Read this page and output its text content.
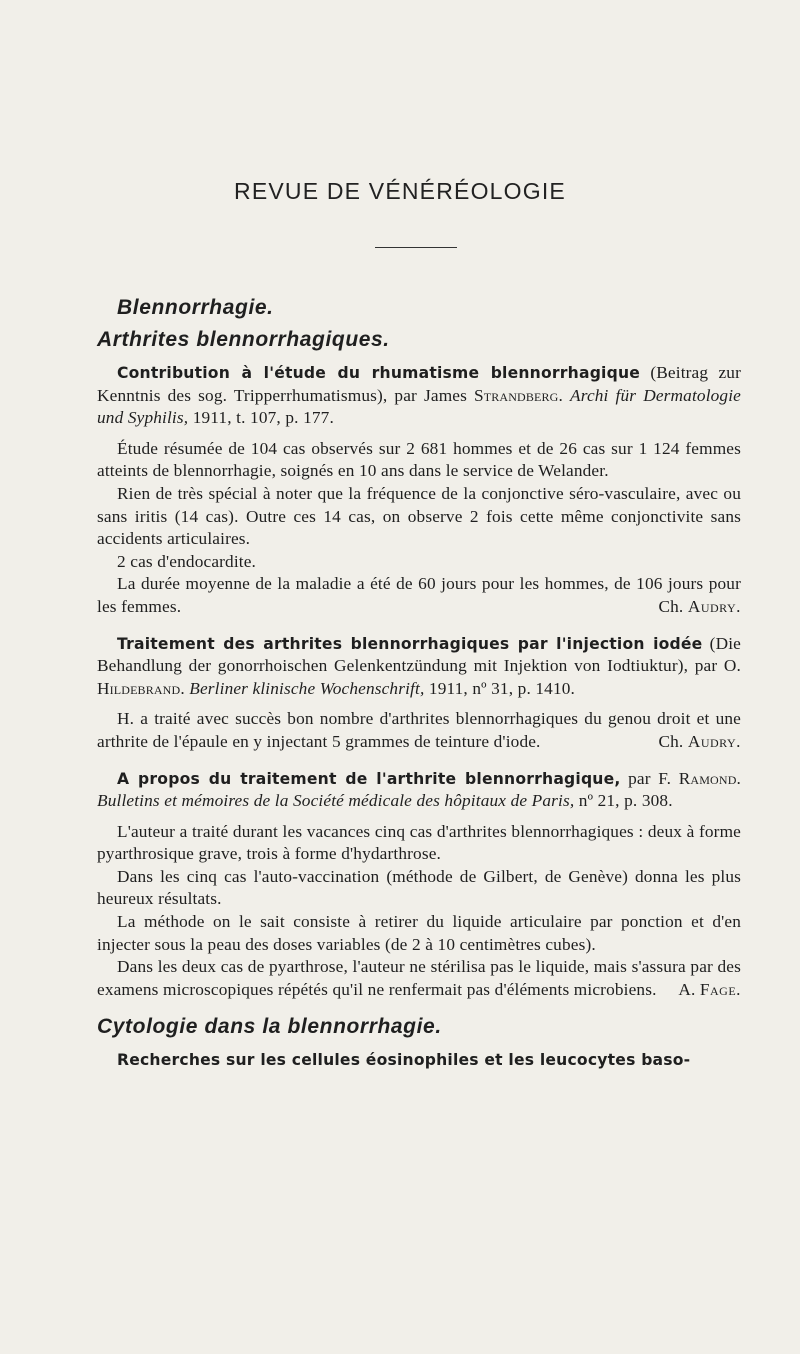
REVUE DE VÉNÉRÉOLOGIE
Blennorrhagie.
Arthrites blennorrhagiques.

Contribution à l'étude du rhumatisme blennorrhagique (Beitrag zur Kenntnis des sog. Tripperrhumatismus), par James Strandberg. Archi für Dermatologie und Syphilis, 1911, t. 107, p. 177.

Étude résumée de 104 cas observés sur 2 681 hommes et de 26 cas sur 1 124 femmes atteints de blennorrhagie, soignés en 10 ans dans le service de Welander.

Rien de très spécial à noter que la fréquence de la conjonctive séro-vasculaire, avec ou sans iritis (14 cas). Outre ces 14 cas, on observe 2 fois cette même conjonctivite sans accidents articulaires.

2 cas d'endocardite.

La durée moyenne de la maladie a été de 60 jours pour les hommes, de 106 jours pour les femmes.	Ch. Audry.

Traitement des arthrites blennorrhagiques par l'injection iodée (Die Behandlung der gonorrhoischen Gelenkentzündung mit Injektion von Iodtiuktur), par O. Hildebrand. Berliner klinische Wochenschrift, 1911, nº 31, p. 1410.

H. a traité avec succès bon nombre d'arthrites blennorrhagiques du genou droit et une arthrite de l'épaule en y injectant 5 grammes de teinture d'iode.	Ch. Audry.

A propos du traitement de l'arthrite blennorrhagique, par F. Ramond. Bulletins et mémoires de la Société médicale des hôpitaux de Paris, nº 21, p. 308.

L'auteur a traité durant les vacances cinq cas d'arthrites blennorrhagiques : deux à forme pyarthrosique grave, trois à forme d'hydarthrose.

Dans les cinq cas l'auto-vaccination (méthode de Gilbert, de Genève) donna les plus heureux résultats.

La méthode on le sait consiste à retirer du liquide articulaire par ponction et d'en injecter sous la peau des doses variables (de 2 à 10 centimètres cubes).

Dans les deux cas de pyarthrose, l'auteur ne stérilisa pas le liquide, mais s'assura par des examens microscopiques répétés qu'il ne renfermait pas d'éléments microbiens.	A. Fage.

Cytologie dans la blennorrhagie.

Recherches sur les cellules éosinophiles et les leucocytes baso-
